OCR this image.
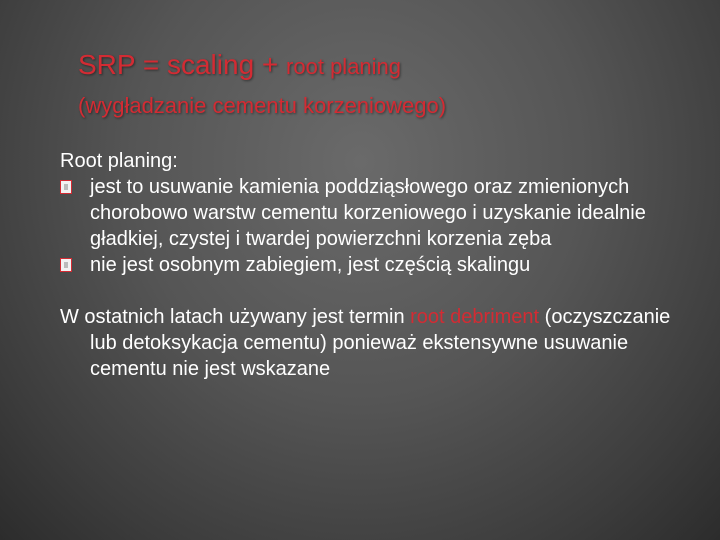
SRP = scaling + root planing
(wygładzanie cementu korzeniowego)
Root planing:
jest to usuwanie kamienia poddziąsłowego oraz zmienionych chorobowo warstw cementu korzeniowego i uzyskanie idealnie gładkiej, czystej i twardej powierzchni korzenia zęba
nie jest osobnym zabiegiem, jest częścią skalingu
W ostatnich latach używany jest termin root debriment (oczyszczanie lub detoksykacja cementu) ponieważ ekstensywne usuwanie cementu nie jest wskazane
